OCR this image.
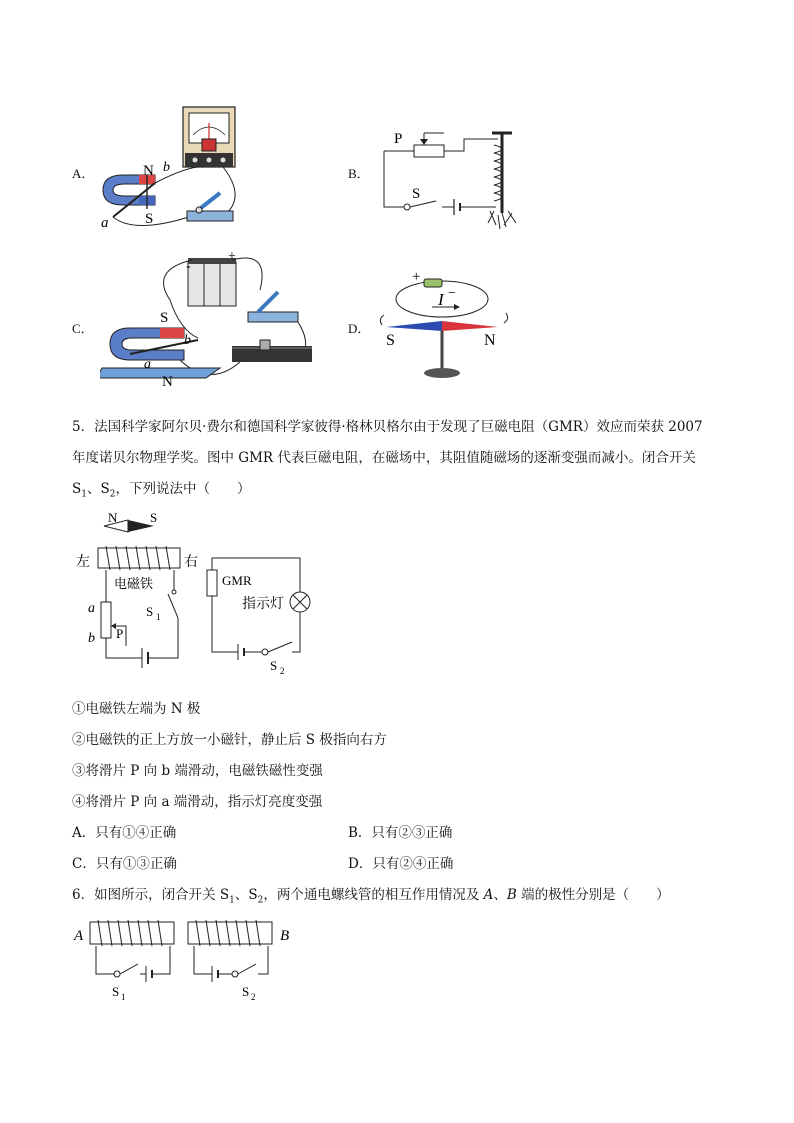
A．	N b
S
a
B．
P
S
C．
S
b
a
N
-
+
D．
+
−
I
S	N
5．法国科学家阿尔贝·费尔和德国科学家彼得·格林贝格尔由于发现了巨磁电阻（GMR）效应而荣获 2007
年度诺贝尔物理学奖。图中 GMR 代表巨磁电阻，在磁场中，其阻值随磁场的逐渐变强而减小。闭合开关
$S_1$、$S_2$，下列说法中（　　）
N	S
左	右
电磁铁
a
b P
S 1
GMR
指示灯
S 2
①电磁铁左端为 N 极
②电磁铁的正上方放一小磁针，静止后 S 极指向右方
③将滑片 P 向 b 端滑动，电磁铁磁性变强
④将滑片 P 向 a 端滑动，指示灯亮度变强
A．只有①④正确	B．只有②③正确
C．只有①③正确	D．只有②④正确
6．如图所示，闭合开关 $S_1$、$S_2$，两个通电螺线管的相互作用情况及 A、B 端的极性分别是（　　）
A	B
S 1	S 2
